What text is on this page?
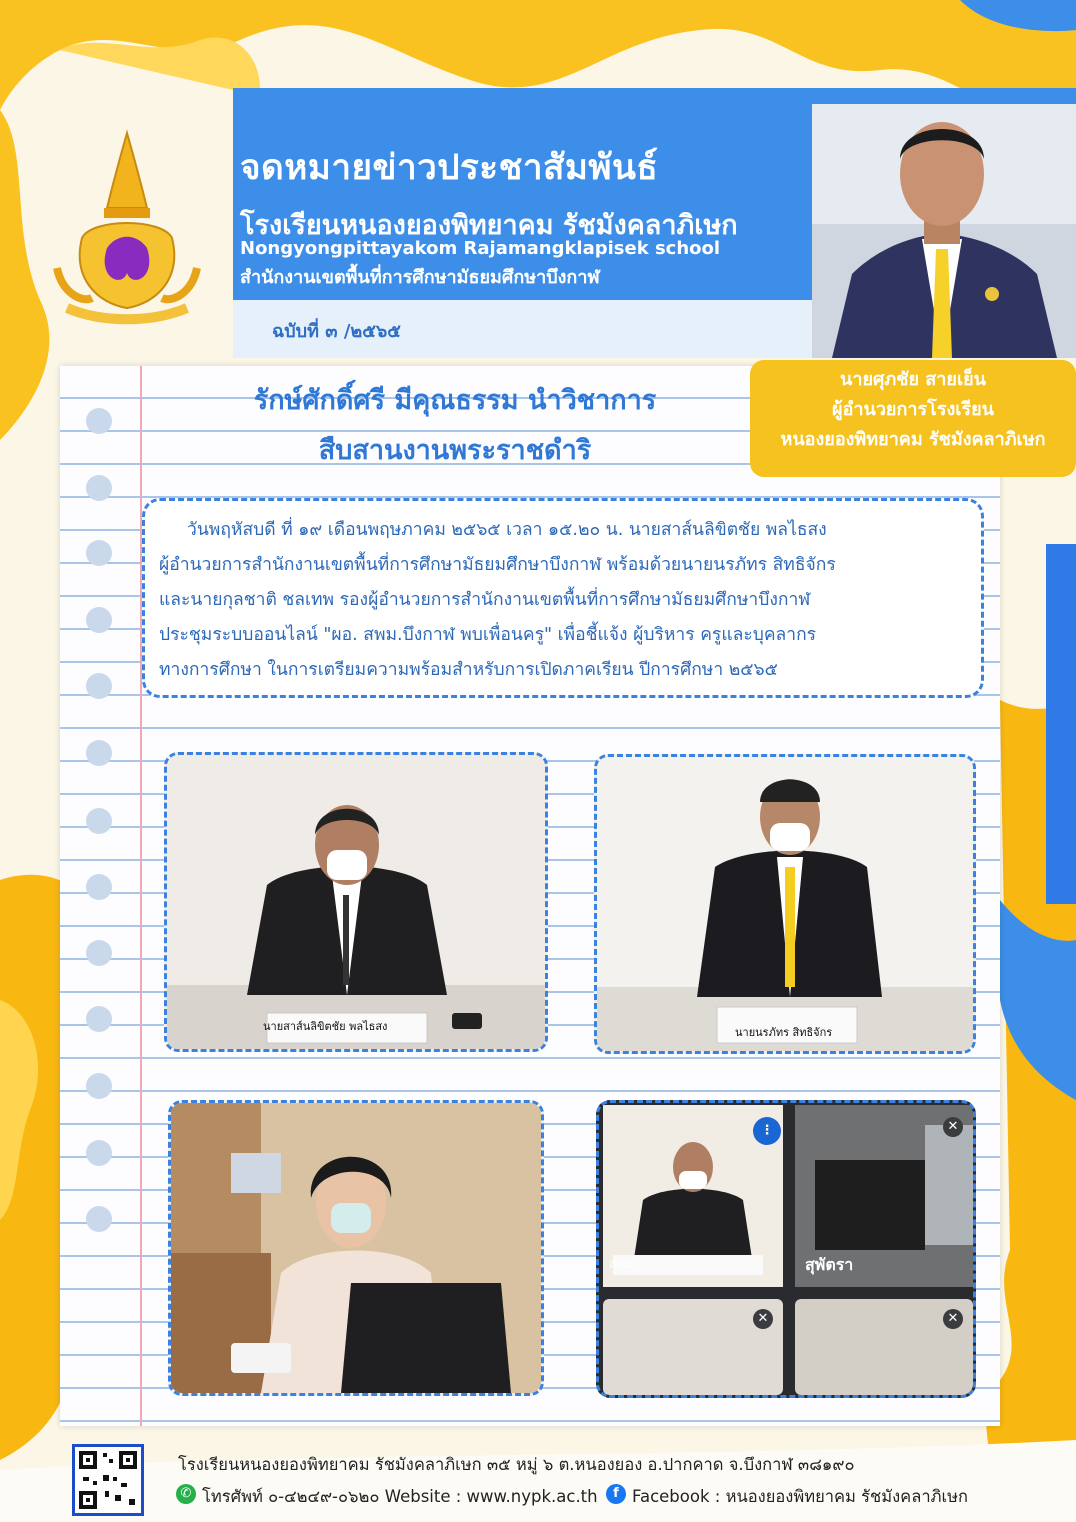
จดหมายข่าวประชาสัมพันธ์
โรงเรียนหนองยองพิทยาคม รัชมังคลาภิเษก
Nongyongpittayakom Rajamangklapisek school
สำนักงานเขตพื้นที่การศึกษามัธยมศึกษาบึงกาฬ
ฉบับที่ ๓ /๒๕๖๕
รักษ์ศักดิ์ศรี มีคุณธรรม นำวิชาการ
สืบสานงานพระราชดำริ
นายศุภชัย สายเย็น
ผู้อำนวยการโรงเรียน
หนองยองพิทยาคม รัชมังคลาภิเษก

วันพฤหัสบดี ที่ ๑๙ เดือนพฤษภาคม ๒๕๖๕ เวลา ๑๕.๒๐ น. นายสาส์นลิขิตชัย พลไธสง

ผู้อำนวยการสำนักงานเขตพื้นที่การศึกษามัธยมศึกษาบึงกาฬ พร้อมด้วยนายนรภัทร สิทธิจักร

และนายกุลชาติ ชลเทพ รองผู้อำนวยการสำนักงานเขตพื้นที่การศึกษามัธยมศึกษาบึงกาฬ

ประชุมระบบออนไลน์ "ผอ. สพม.บึงกาฬ พบเพื่อนครู" เพื่อชี้แจ้ง ผู้บริหาร ครูและบุคลากร

ทางการศึกษา ในการเตรียมความพร้อมสำหรับการเปิดภาคเรียน ปีการศึกษา ๒๕๖๕

นายสาส์นลิขิตชัย พลไธสง	นายนรภัทร สิทธิจักร
สพม.
⋮
สุพัตรา
✕
✕	✕
โรงเรียนหนองยองพิทยาคม รัชมังคลาภิเษก ๓๕ หมู่ ๖ ต.หนองยอง อ.ปากคาด จ.บึงกาฬ ๓๘๑๙๐
✆ โทรศัพท์ ๐-๔๒๔๙-๐๖๒๐ Website : www.nypk.ac.th	f Facebook : หนองยองพิทยาคม รัชมังคลาภิเษก
